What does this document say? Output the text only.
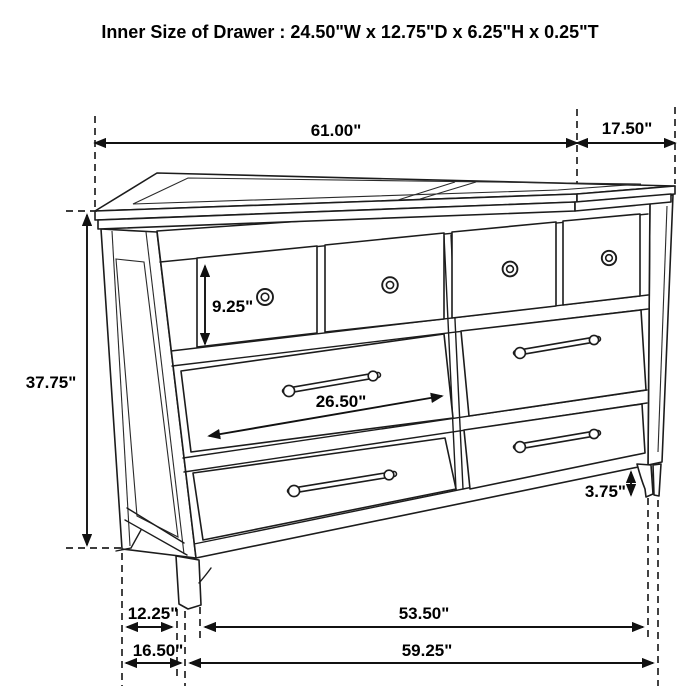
Inner Size of Drawer : 24.50"W x 12.75"D x 6.25"H x 0.25"T
61.00"	17.50"
37.75"
9.25"
26.50"
3.75"
12.25"	53.50"
16.50"	59.25"
